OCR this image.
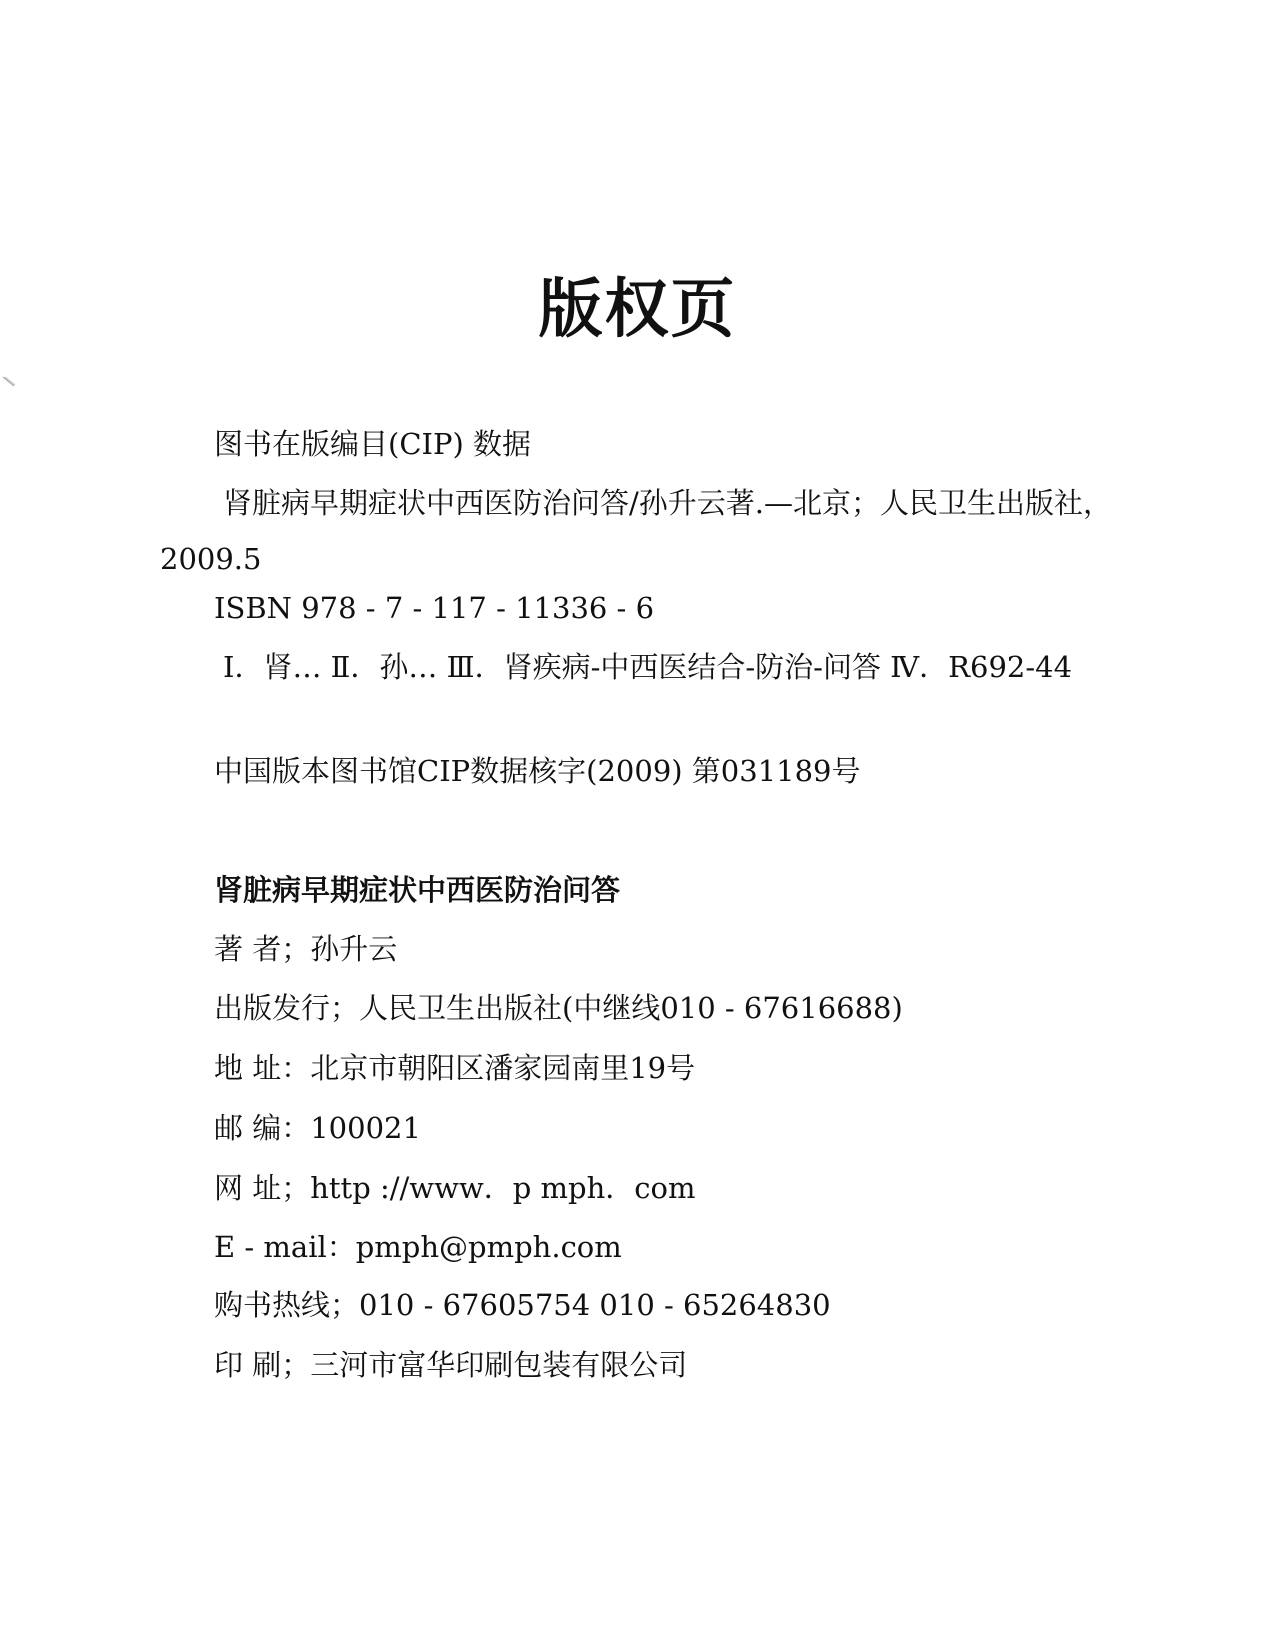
版权页
图书在版编目(CIP) 数据
肾脏病早期症状中西医防治问答/孙升云著.—北京；人民卫生出版社，2009.5
ISBN 978 - 7 - 117 - 11336 - 6
Ⅰ．肾… Ⅱ．孙… Ⅲ．肾疾病-中西医结合-防治-问答 Ⅳ．R692-44
中国版本图书馆CIP数据核字(2009) 第031189号
肾脏病早期症状中西医防治问答
著 者；孙升云
出版发行；人民卫生出版社(中继线010 - 67616688)
地 址：北京市朝阳区潘家园南里19号
邮 编：100021
网 址；http ://www．p mph．com
E - mail：pmph@pmph.com
购书热线；010 - 67605754 010 - 65264830
印 刷；三河市富华印刷包装有限公司
